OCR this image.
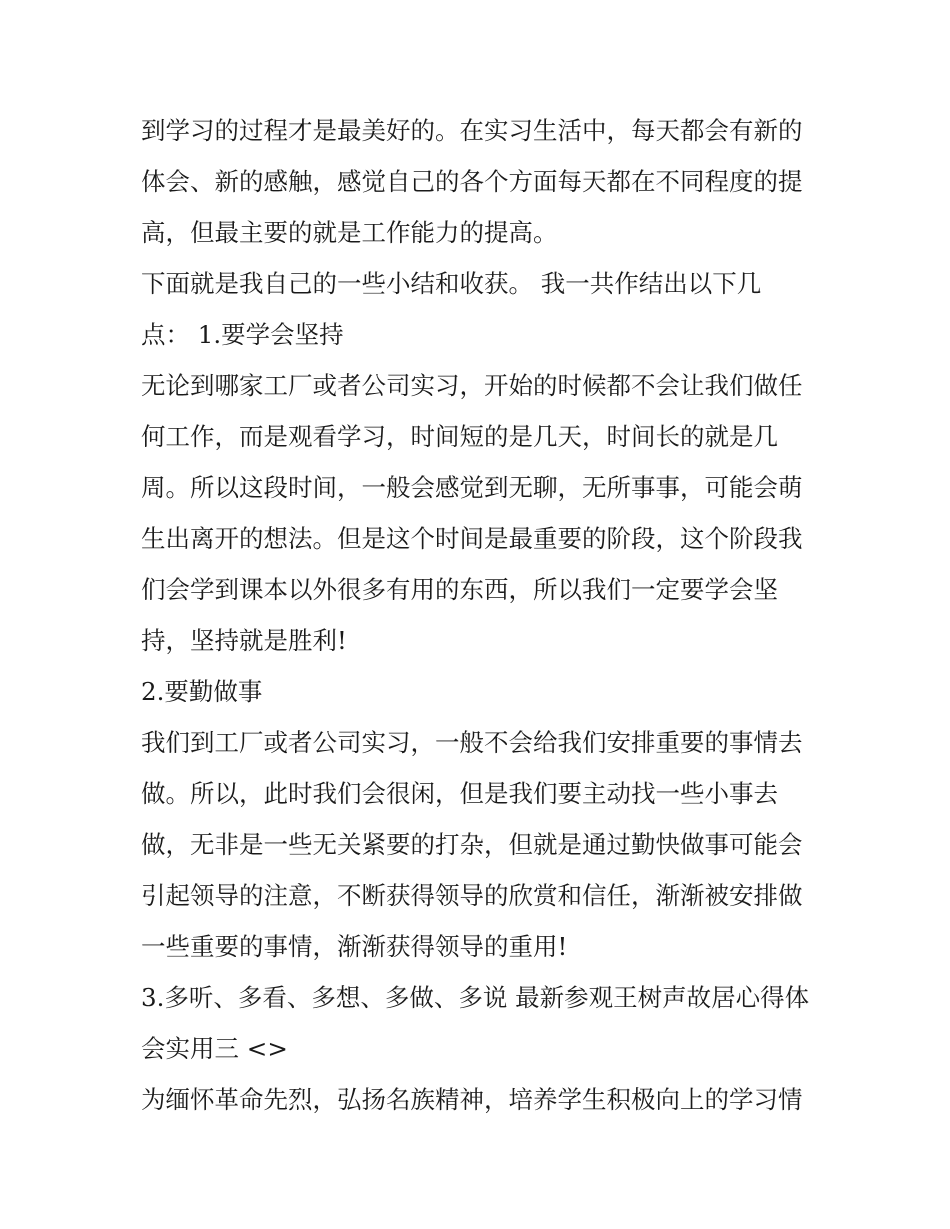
到学习的过程才是最美好的。在实习生活中，每天都会有新的
体会、新的感触，感觉自己的各个方面每天都在不同程度的提
高，但最主要的就是工作能力的提高。
下面就是我自己的一些小结和收获。 我一共作结出以下几
点： 1.要学会坚持
无论到哪家工厂或者公司实习，开始的时候都不会让我们做任
何工作，而是观看学习，时间短的是几天，时间长的就是几
周。所以这段时间，一般会感觉到无聊，无所事事，可能会萌
生出离开的想法。但是这个时间是最重要的阶段，这个阶段我
们会学到课本以外很多有用的东西，所以我们一定要学会坚
持，坚持就是胜利!
2.要勤做事
我们到工厂或者公司实习，一般不会给我们安排重要的事情去
做。所以，此时我们会很闲，但是我们要主动找一些小事去
做，无非是一些无关紧要的打杂，但就是通过勤快做事可能会
引起领导的注意，不断获得领导的欣赏和信任，渐渐被安排做
一些重要的事情，渐渐获得领导的重用!
3.多听、多看、多想、多做、多说 最新参观王树声故居心得体
会实用三 <>
为缅怀革命先烈，弘扬名族精神，培养学生积极向上的学习情
